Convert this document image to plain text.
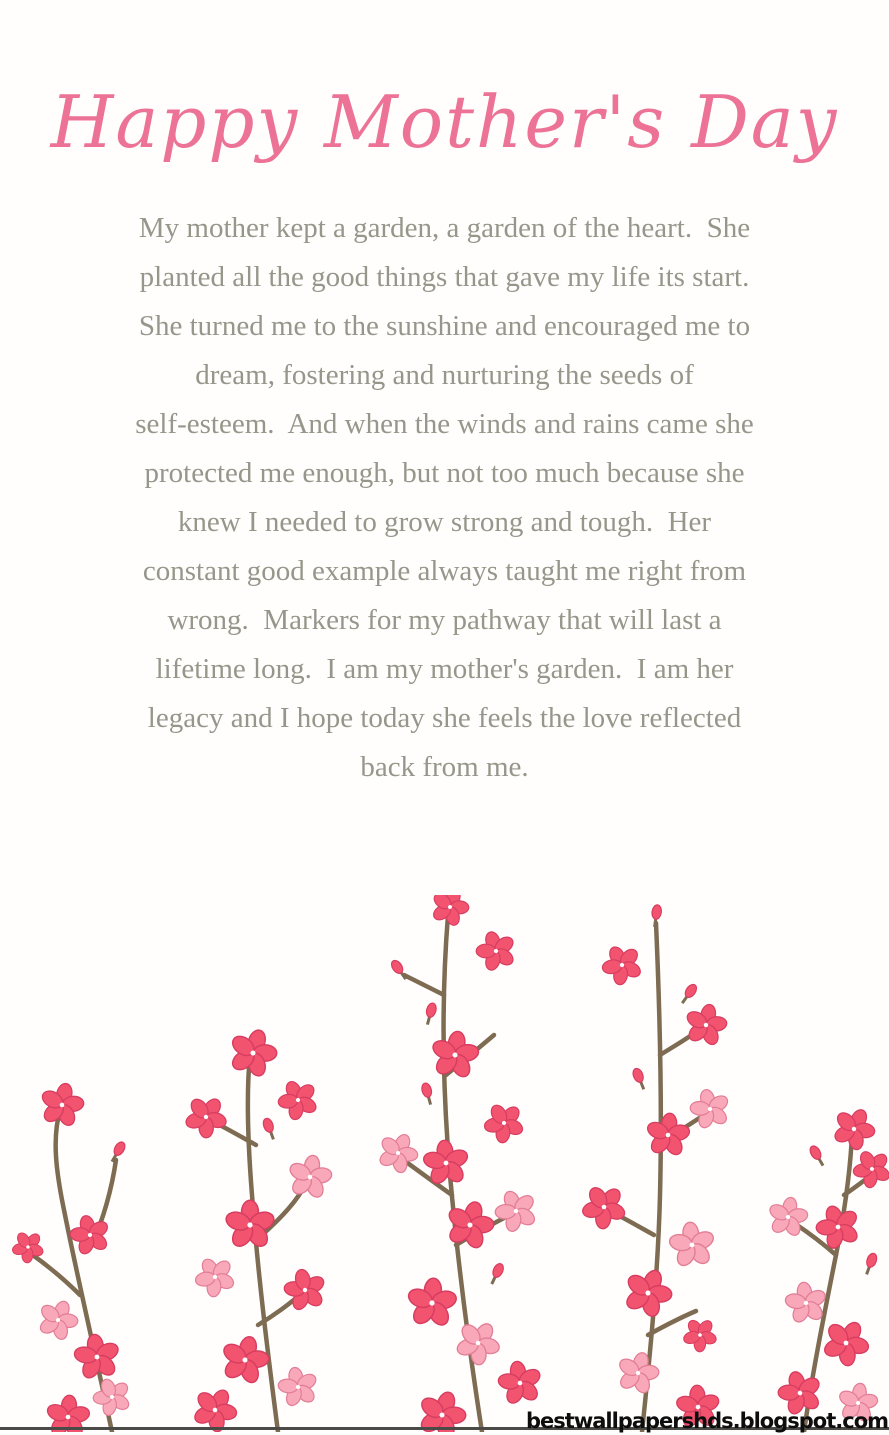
Happy Mother's Day
My mother kept a garden, a garden of the heart.  She
planted all the good things that gave my life its start.
She turned me to the sunshine and encouraged me to
dream, fostering and nurturing the seeds of
self-esteem.  And when the winds and rains came she
protected me enough, but not too much because she
knew I needed to grow strong and tough.  Her
constant good example always taught me right from
wrong.  Markers for my pathway that will last a
lifetime long.  I am my mother's garden.  I am her
legacy and I hope today she feels the love reflected
back from me.
bestwallpapershds.blogspot.com
